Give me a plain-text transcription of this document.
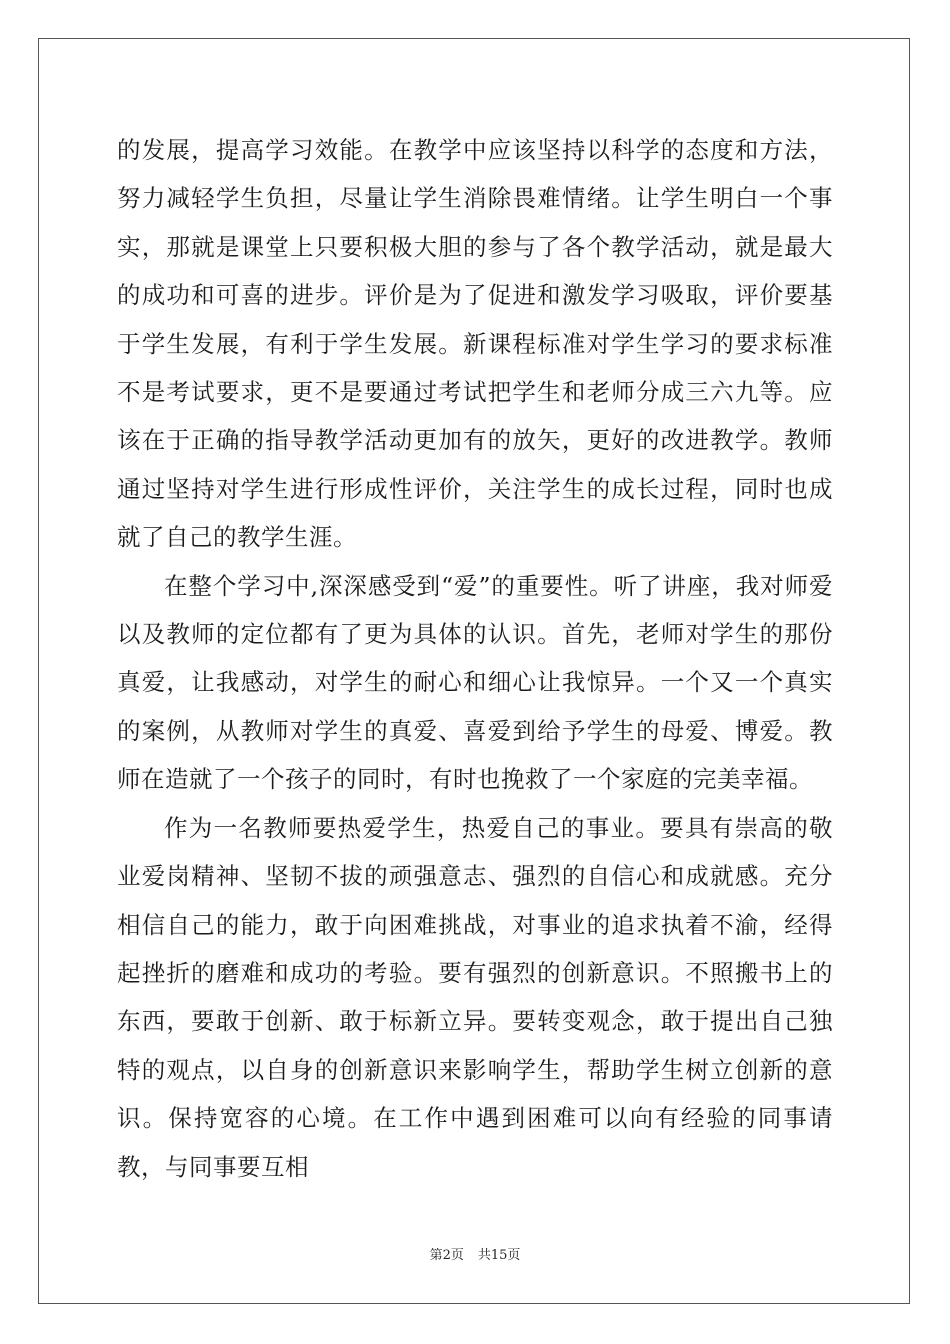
的发展，提高学习效能。在教学中应该坚持以科学的态度和方法，努力减轻学生负担，尽量让学生消除畏难情绪。让学生明白一个事实，那就是课堂上只要积极大胆的参与了各个教学活动，就是最大的成功和可喜的进步。评价是为了促进和激发学习吸取，评价要基于学生发展，有利于学生发展。新课程标准对学生学习的要求标准不是考试要求，更不是要通过考试把学生和老师分成三六九等。应该在于正确的指导教学活动更加有的放矢，更好的改进教学。教师通过坚持对学生进行形成性评价，关注学生的成长过程，同时也成就了自己的教学生涯。

在整个学习中,深深感受到“爱”的重要性。听了讲座，我对师爱以及教师的定位都有了更为具体的认识。首先，老师对学生的那份真爱，让我感动，对学生的耐心和细心让我惊异。一个又一个真实的案例，从教师对学生的真爱、喜爱到给予学生的母爱、博爱。教师在造就了一个孩子的同时，有时也挽救了一个家庭的完美幸福。

作为一名教师要热爱学生，热爱自己的事业。要具有崇高的敬业爱岗精神、坚韧不拔的顽强意志、强烈的自信心和成就感。充分相信自己的能力，敢于向困难挑战，对事业的追求执着不渝，经得起挫折的磨难和成功的考验。要有强烈的创新意识。不照搬书上的东西，要敢于创新、敢于标新立异。要转变观念，敢于提出自己独特的观点，以自身的创新意识来影响学生，帮助学生树立创新的意识。保持宽容的心境。在工作中遇到困难可以向有经验的同事请教，与同事要互相

第2页 共15页
